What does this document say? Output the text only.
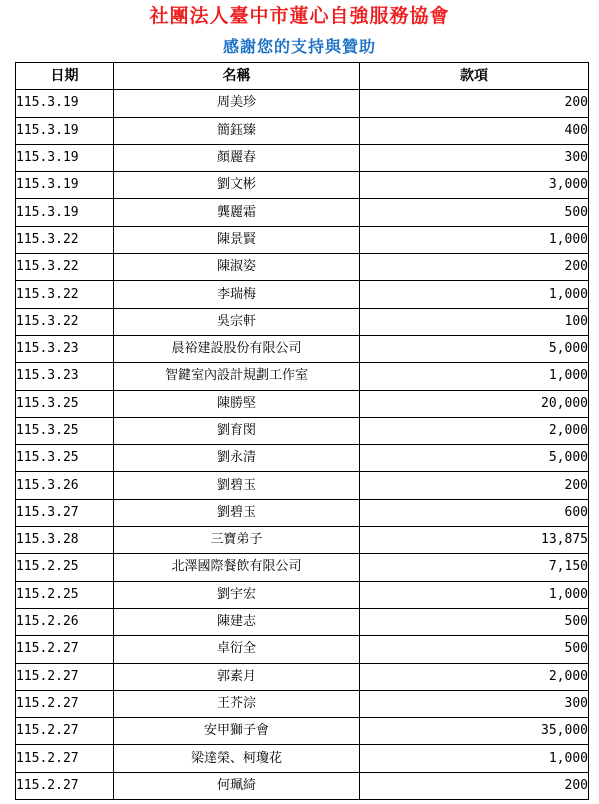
社團法人臺中市蓮心自強服務協會
感謝您的支持與贊助
日期	名稱	款項
115.3.19	周美珍	200
115.3.19	簡鈺臻	400
115.3.19	顏麗春	300
115.3.19	劉文彬	3,000
115.3.19	龔麗霜	500
115.3.22	陳景賢	1,000
115.3.22	陳淑姿	200
115.3.22	李瑞梅	1,000
115.3.22	吳宗軒	100
115.3.23	晨裕建設股份有限公司	5,000
115.3.23	智鍵室內設計規劃工作室	1,000
115.3.25	陳勝堅	20,000
115.3.25	劉育閔	2,000
115.3.25	劉永清	5,000
115.3.26	劉碧玉	200
115.3.27	劉碧玉	600
115.3.28	三寶弟子	13,875
115.2.25	北澤國際餐飲有限公司	7,150
115.2.25	劉宇宏	1,000
115.2.26	陳建志	500
115.2.27	卓衍全	500
115.2.27	郭素月	2,000
115.2.27	王芥淙	300
115.2.27	安甲獅子會	35,000
115.2.27	梁達榮、柯瓊花	1,000
115.2.27	何珮綺	200
